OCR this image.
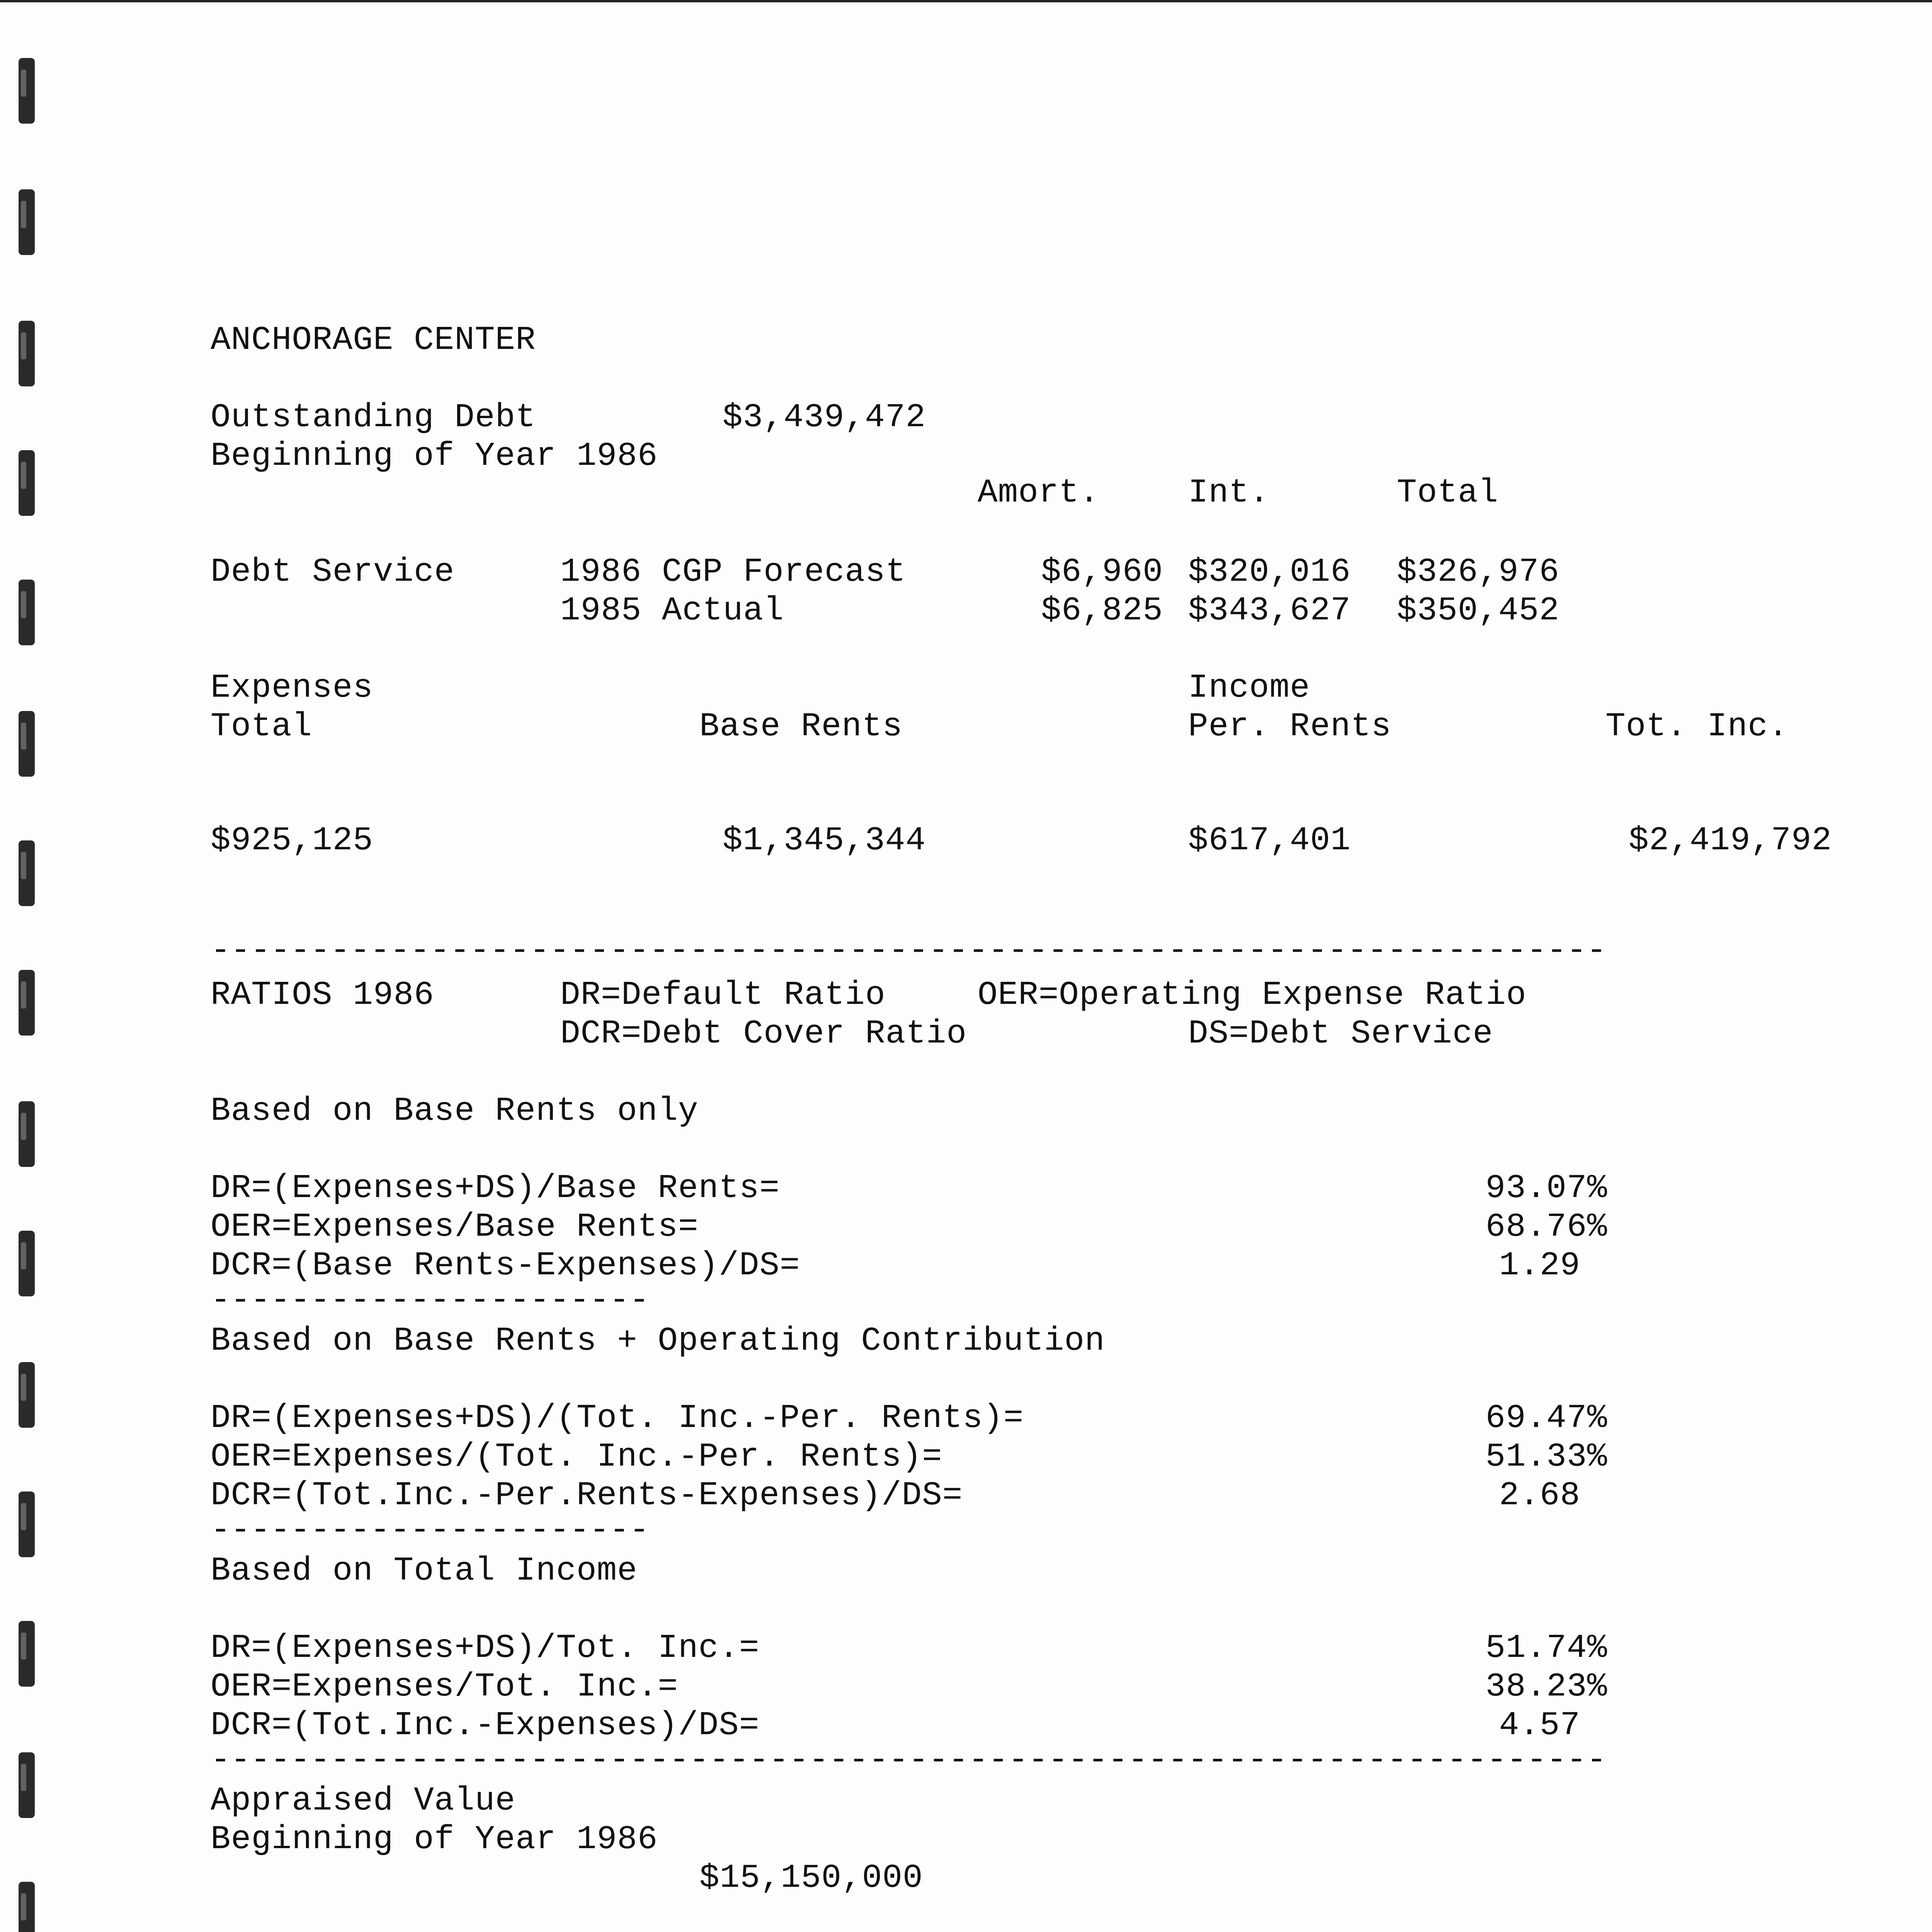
ANCHORAGE CENTER
Outstanding Debt	$3,439,472
Beginning of Year 1986
Amort.	Int.	Total
Debt Service	1986 CGP Forecast	$6,960 $320,016 $326,976
1985 Actual	$6,825 $343,627 $350,452
Expenses
Total	Base Rents
Income
Per. Rents	Tot. Inc.
$925,125	$1,345,344	$617,401	$2,419,792
----------------------------------------------------------------------
RATIOS 1986	DR=Default Ratio	OER=Operating Expense Ratio
DCR=Debt Cover Ratio	DS=Debt Service
Based on Base Rents only
DR=(Expenses+DS)/Base Rents=	93.07%
OER=Expenses/Base Rents=	68.76%
DCR=(Base Rents-Expenses)/DS=	1.29
----------------------
Based on Base Rents + Operating Contribution
DR=(Expenses+DS)/(Tot. Inc.-Per. Rents)=	69.47%
OER=Expenses/(Tot. Inc.-Per. Rents)=	51.33%
DCR=(Tot.Inc.-Per.Rents-Expenses)/DS=	2.68
----------------------
Based on Total Income
DR=(Expenses+DS)/Tot. Inc.=	51.74%
OER=Expenses/Tot. Inc.=	38.23%
DCR=(Tot.Inc.-Expenses)/DS=	4.57
----------------------------------------------------------------------
Appraised Value
Beginning of Year 1986
$15,150,000
